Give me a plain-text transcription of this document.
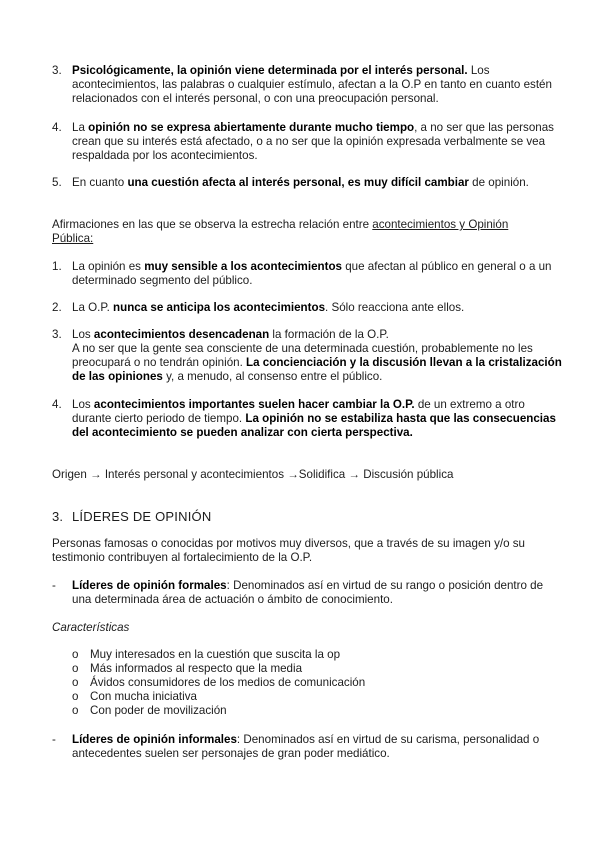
3. Psicológicamente, la opinión viene determinada por el interés personal. Los acontecimientos, las palabras o cualquier estímulo, afectan a la O.P en tanto en cuanto estén relacionados con el interés personal, o con una preocupación personal.
4. La opinión no se expresa abiertamente durante mucho tiempo, a no ser que las personas crean que su interés está afectado, o a no ser que la opinión expresada verbalmente se vea respaldada por los acontecimientos.
5. En cuanto una cuestión afecta al interés personal, es muy difícil cambiar de opinión.
Afirmaciones en las que se observa la estrecha relación entre acontecimientos y Opinión Pública:
1. La opinión es muy sensible a los acontecimientos que afectan al público en general o a un determinado segmento del público.
2. La O.P. nunca se anticipa los acontecimientos. Sólo reacciona ante ellos.
3. Los acontecimientos desencadenan la formación de la O.P.
A no ser que la gente sea consciente de una determinada cuestión, probablemente no les preocupará o no tendrán opinión. La concienciación y la discusión llevan a la cristalización de las opiniones y, a menudo, al consenso entre el público.
4. Los acontecimientos importantes suelen hacer cambiar la O.P. de un extremo a otro durante cierto periodo de tiempo. La opinión no se estabiliza hasta que las consecuencias del acontecimiento se pueden analizar con cierta perspectiva.
Origen → Interés personal y acontecimientos →Solidifica → Discusión pública
3. LÍDERES DE OPINIÓN
Personas famosas o conocidas por motivos muy diversos, que a través de su imagen y/o su testimonio contribuyen al fortalecimiento de la O.P.
-	Líderes de opinión formales: Denominados así en virtud de su rango o posición dentro de una determinada área de actuación o ámbito de conocimiento.
Características
o Muy interesados en la cuestión que suscita la op
o Más informados al respecto que la media
o Ávidos consumidores de los medios de comunicación
o Con mucha iniciativa
o Con poder de movilización
-	Líderes de opinión informales: Denominados así en virtud de su carisma, personalidad o antecedentes suelen ser personajes de gran poder mediático.
